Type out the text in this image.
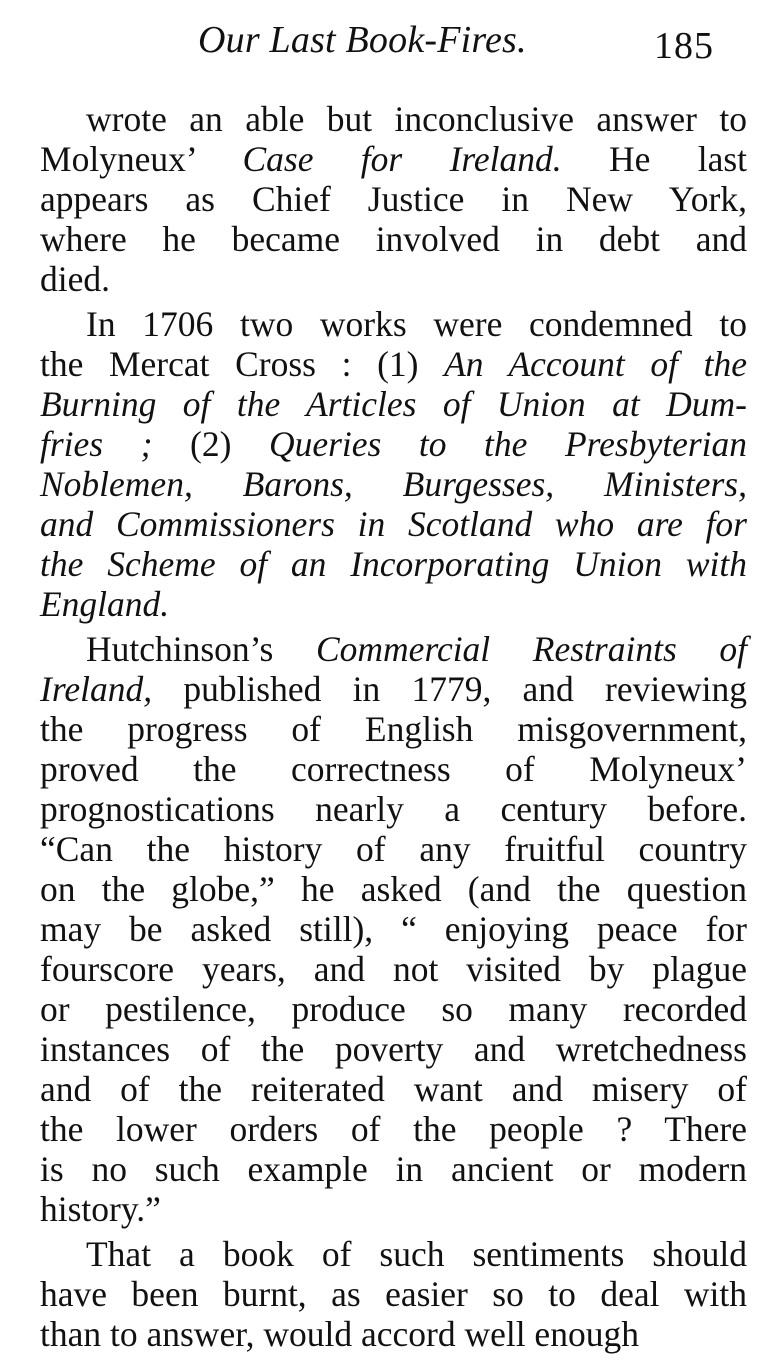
Our Last Book-Fires.	185
wrote an able but inconclusive answer to
Molyneux’ Case for Ireland. He last
appears as Chief Justice in New York,
where he became involved in debt and
died.
In 1706 two works were condemned to
the Mercat Cross : (1) An Account of the
Burning of the Articles of Union at Dum-
fries ; (2) Queries to the Presbyterian
Noblemen, Barons, Burgesses, Ministers,
and Commissioners in Scotland who are for
the Scheme of an Incorporating Union with
England.
Hutchinson’s Commercial Restraints of
Ireland, published in 1779, and reviewing
the progress of English misgovernment,
proved the correctness of Molyneux’
prognostications nearly a century before.
“Can the history of any fruitful country
on the globe,” he asked (and the question
may be asked still), “ enjoying peace for
fourscore years, and not visited by plague
or pestilence, produce so many recorded
instances of the poverty and wretchedness
and of the reiterated want and misery of
the lower orders of the people ? There
is no such example in ancient or modern
history.”
That a book of such sentiments should
have been burnt, as easier so to deal with
than to answer, would accord well enough
